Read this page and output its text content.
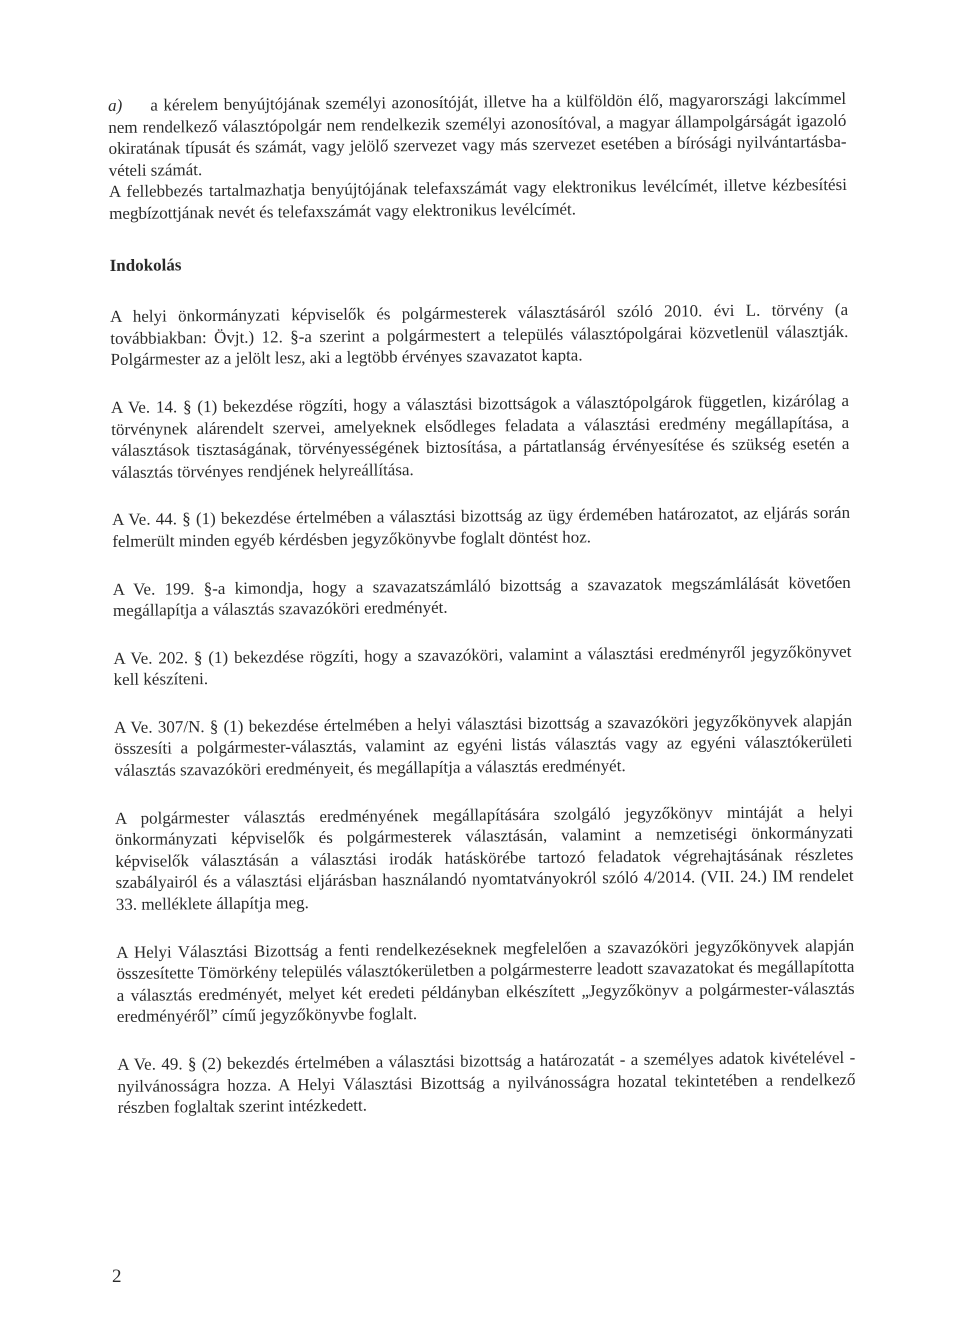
a) a kérelem benyújtójának személyi azonosítóját, illetve ha a külföldön élő, magyarországi lakcímmel nem rendelkező választópolgár nem rendelkezik személyi azonosítóval, a magyar állampolgárságát igazoló okiratának típusát és számát, vagy jelölő szervezet vagy más szervezet esetében a bírósági nyilvántartásba-vételi számát.

A fellebbezés tartalmazhatja benyújtójának telefaxszámát vagy elektronikus levélcímét, illetve kézbesítési megbízottjának nevét és telefaxszámát vagy elektronikus levélcímét.

Indokolás

A helyi önkormányzati képviselők és polgármesterek választásáról szóló 2010. évi L. törvény (a továbbiakban: Övjt.) 12. §-a szerint a polgármestert a település választópolgárai közvetlenül választják. Polgármester az a jelölt lesz, aki a legtöbb érvényes szavazatot kapta.

A Ve. 14. § (1) bekezdése rögzíti, hogy a választási bizottságok a választópolgárok független, kizárólag a törvénynek alárendelt szervei, amelyeknek elsődleges feladata a választási eredmény megállapítása, a választások tisztaságának, törvényességének biztosítása, a pártatlanság érvényesítése és szükség esetén a választás törvényes rendjének helyreállítása.

A Ve. 44. § (1) bekezdése értelmében a választási bizottság az ügy érdemében határozatot, az eljárás során felmerült minden egyéb kérdésben jegyzőkönyvbe foglalt döntést hoz.

A Ve. 199. §-a kimondja, hogy a szavazatszámláló bizottság a szavazatok megszámlálását követően megállapítja a választás szavazóköri eredményét.

A Ve. 202. § (1) bekezdése rögzíti, hogy a szavazóköri, valamint a választási eredményről jegyzőkönyvet kell készíteni.

A Ve. 307/N. § (1) bekezdése értelmében a helyi választási bizottság a szavazóköri jegyzőkönyvek alapján összesíti a polgármester-választás, valamint az egyéni listás választás vagy az egyéni választókerületi választás szavazóköri eredményeit, és megállapítja a választás eredményét.

A polgármester választás eredményének megállapítására szolgáló jegyzőkönyv mintáját a helyi önkormányzati képviselők és polgármesterek választásán, valamint a nemzetiségi önkormányzati képviselők választásán a választási irodák hatáskörébe tartozó feladatok végrehajtásának részletes szabályairól és a választási eljárásban használandó nyomtatványokról szóló 4/2014. (VII. 24.) IM rendelet 33. melléklete állapítja meg.

A Helyi Választási Bizottság a fenti rendelkezéseknek megfelelően a szavazóköri jegyzőkönyvek alapján összesítette Tömörkény település választókerületben a polgármesterre leadott szavazatokat és megállapította a választás eredményét, melyet két eredeti példányban elkészített „Jegyzőkönyv a polgármester-választás eredményéről” című jegyzőkönyvbe foglalt.

A Ve. 49. § (2) bekezdés értelmében a választási bizottság a határozatát - a személyes adatok kivételével - nyilvánosságra hozza. A Helyi Választási Bizottság a nyilvánosságra hozatal tekintetében a rendelkező részben foglaltak szerint intézkedett.

2
